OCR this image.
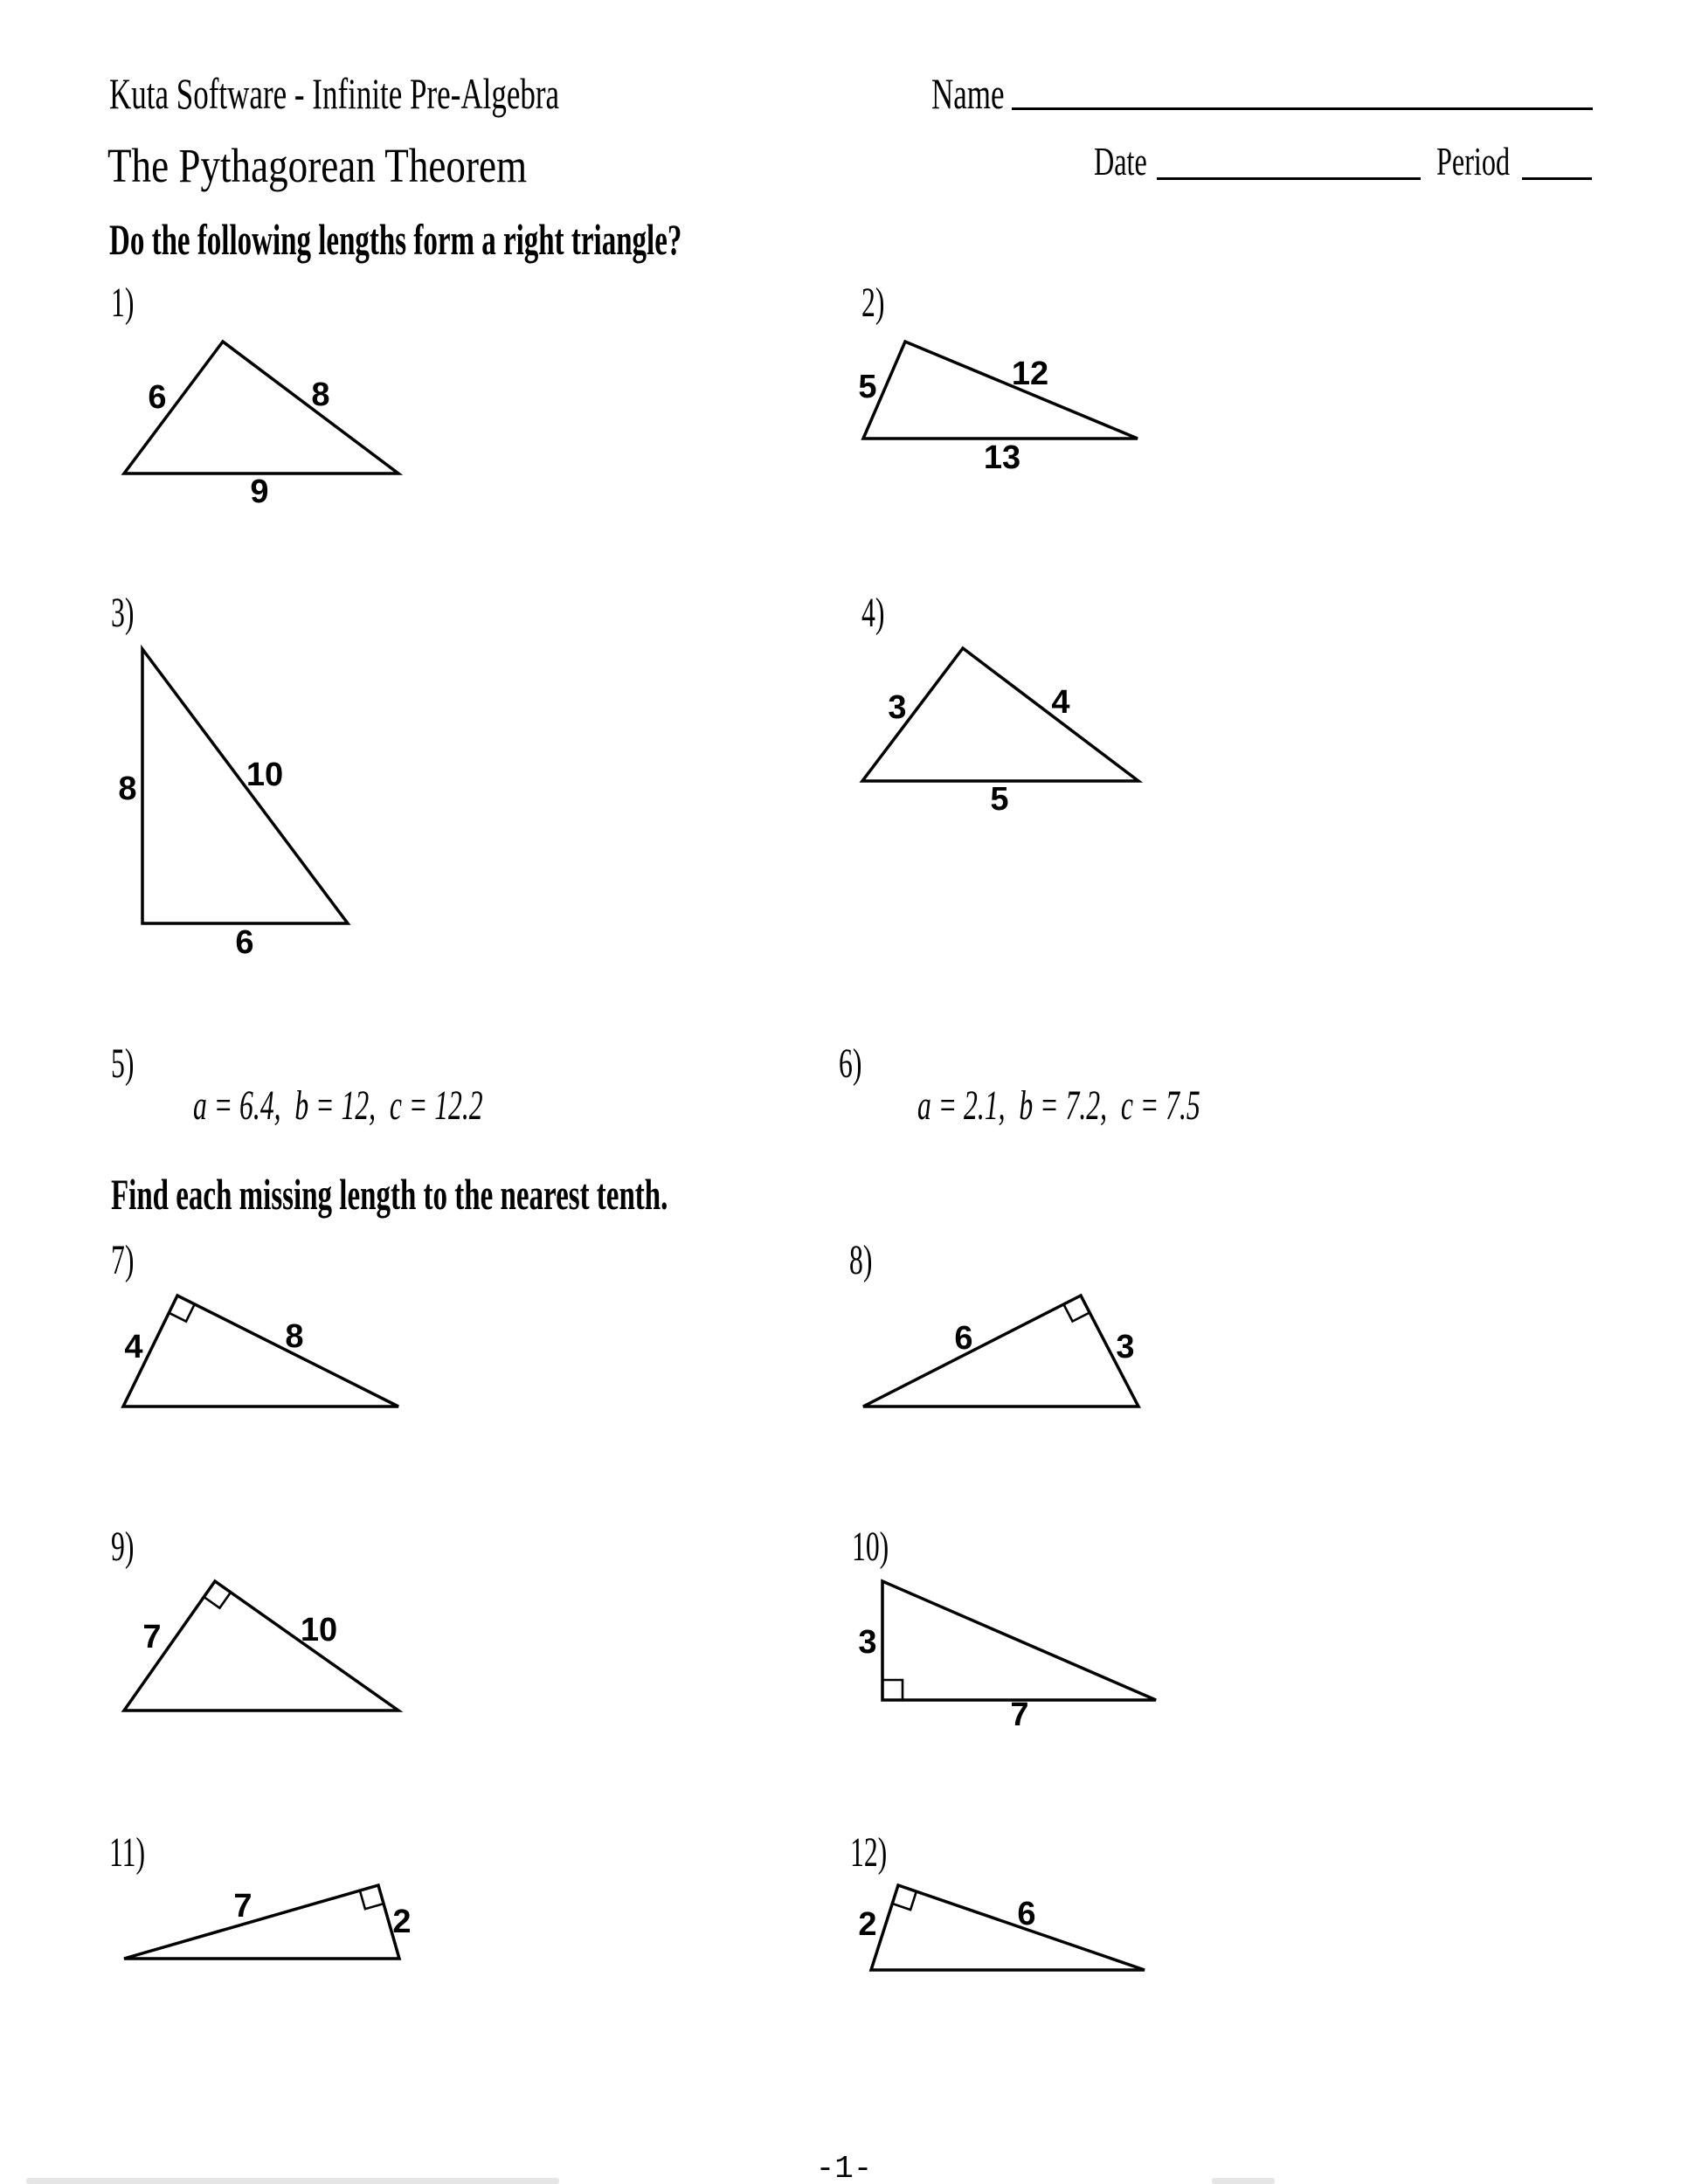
Kuta Software - Infinite Pre-Algebra	Name
The Pythagorean Theorem	Date	Period
Do the following lengths form a right triangle?
1)
6	8
9
2)
5	12
13
3)
8	10
6
4)
3	4
5
5)

a = 6.4,  b = 12,  c = 12.2

6)

a = 2.1,  b = 7.2,  c = 7.5

Find each missing length to the nearest tenth.
7)
4	8
8)
6	3
9)
7	10
10)
3
7
11)
7	2
12)
2	6
-1-
